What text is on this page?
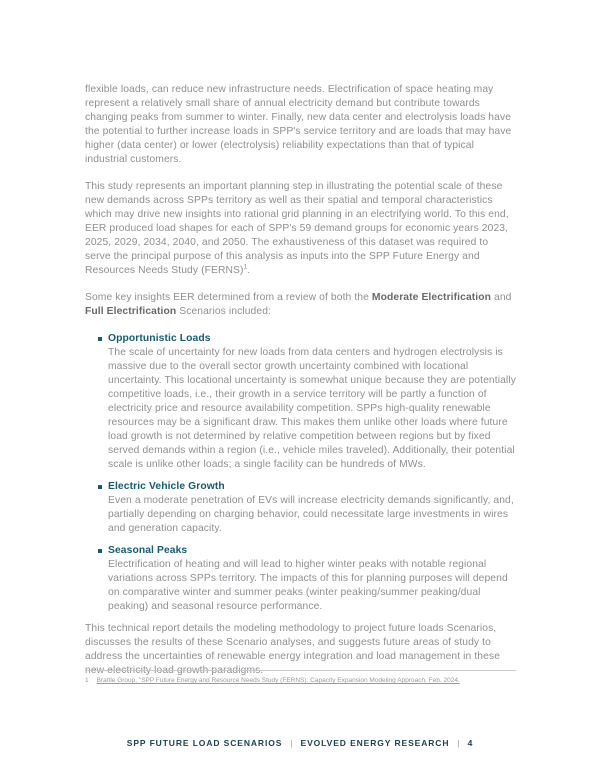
flexible loads, can reduce new infrastructure needs. Electrification of space heating may represent a relatively small share of annual electricity demand but contribute towards changing peaks from summer to winter. Finally, new data center and electrolysis loads have the potential to further increase loads in SPP's service territory and are loads that may have higher (data center) or lower (electrolysis) reliability expectations than that of typical industrial customers.

This study represents an important planning step in illustrating the potential scale of these new demands across SPPs territory as well as their spatial and temporal characteristics which may drive new insights into rational grid planning in an electrifying world. To this end, EER produced load shapes for each of SPP's 59 demand groups for economic years 2023, 2025, 2029, 2034, 2040, and 2050. The exhaustiveness of this dataset was required to serve the principal purpose of this analysis as inputs into the SPP Future Energy and Resources Needs Study (FERNS)$^1$.

Some key insights EER determined from a review of both the Moderate Electrification and Full Electrification Scenarios included:

Opportunistic Loads
The scale of uncertainty for new loads from data centers and hydrogen electrolysis is massive due to the overall sector growth uncertainty combined with locational uncertainty. This locational uncertainty is somewhat unique because they are potentially competitive loads, i.e., their growth in a service territory will be partly a function of electricity price and resource availability competition. SPPs high-quality renewable resources may be a significant draw. This makes them unlike other loads where future load growth is not determined by relative competition between regions but by fixed served demands within a region (i.e., vehicle miles traveled). Additionally, their potential scale is unlike other loads; a single facility can be hundreds of MWs.
Electric Vehicle Growth
Even a moderate penetration of EVs will increase electricity demands significantly, and, partially depending on charging behavior, could necessitate large investments in wires and generation capacity.
Seasonal Peaks
Electrification of heating and will lead to higher winter peaks with notable regional variations across SPPs territory. The impacts of this for planning purposes will depend on comparative winter and summer peaks (winter peaking/summer peaking/dual peaking) and seasonal resource performance.

This technical report details the modeling methodology to project future loads Scenarios, discusses the results of these Scenario analyses, and suggests future areas of study to address the uncertainties of renewable energy integration and load management in these new electricity load growth paradigms.

1 Brattle Group, "SPP Future Energy and Resource Needs Study (FERNS): Capacity Expansion Modeling Approach, Feb. 2024.
SPP FUTURE LOAD SCENARIOS | EVOLVED ENERGY RESEARCH | 4
